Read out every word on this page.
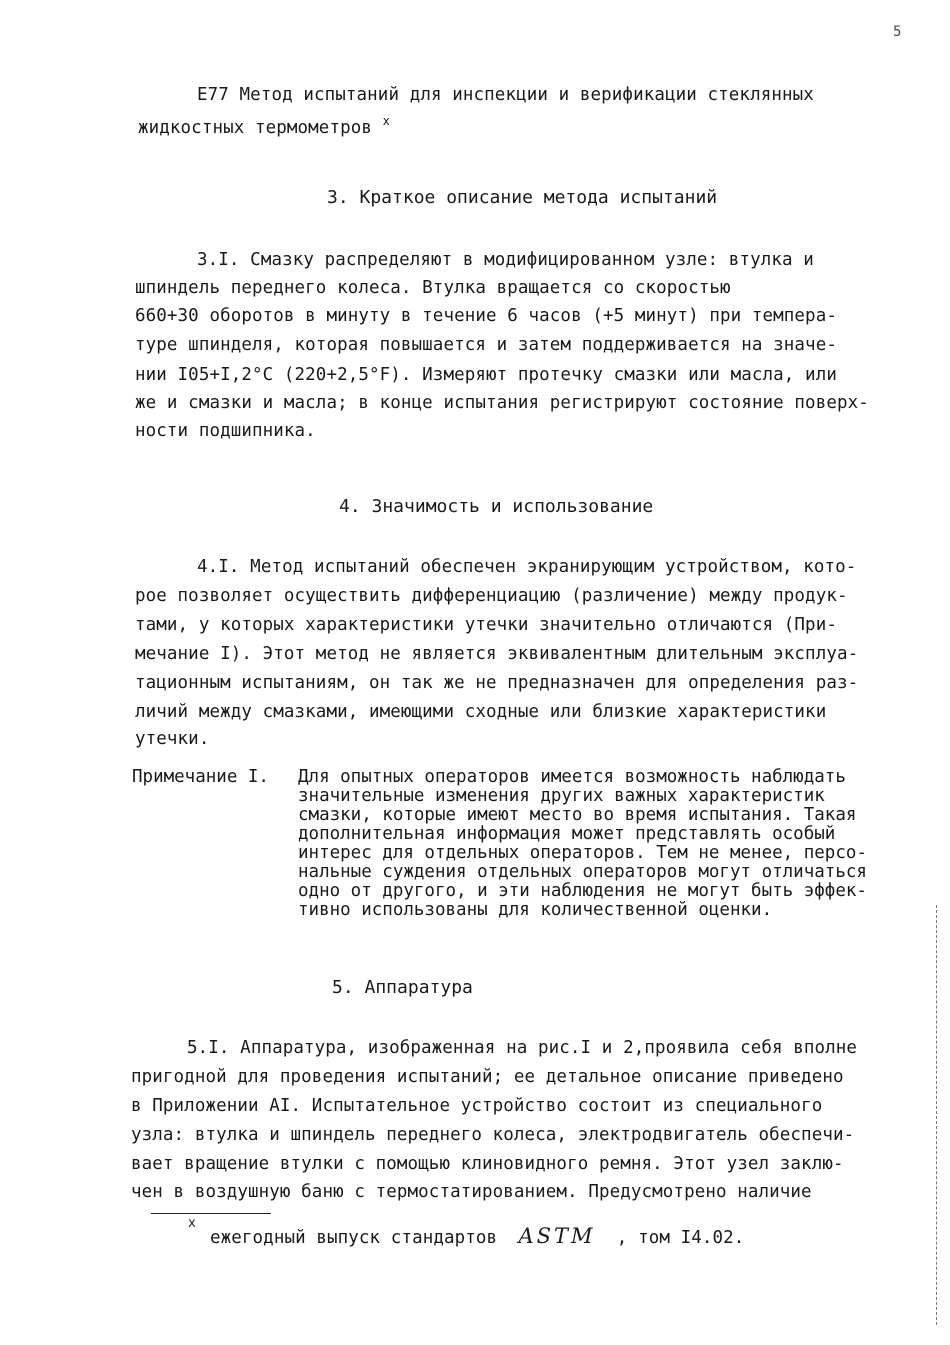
5
E77 Метод испытаний для инспекции и верификации стеклянных
жидкостных термометров $^x$
3. Краткое описание метода испытаний
3.I. Смазку распределяют в модифицированном узле: втулка и
шпиндель переднего колеса. Втулка вращается со скоростью
660+30 оборотов в минуту в течение 6 часов (+5 минут) при темпера-
туре шпинделя, которая повышается и затем поддерживается на значе-
нии I05+I,2°C (220+2,5°F). Измеряют протечку смазки или масла, или
же и смазки и масла; в конце испытания регистрируют состояние поверх-
ности подшипника.
4. Значимость и использование
4.I. Метод испытаний обеспечен экранирующим устройством, кото-
рое позволяет осуществить дифференциацию (различение) между продук-
тами, у которых характеристики утечки значительно отличаются (При-
мечание I). Этот метод не является эквивалентным длительным эксплуа-
тационным испытаниям, он так же не предназначен для определения раз-
личий между смазками, имеющими сходные или близкие характеристики
утечки.
Примечание I. Для опытных операторов имеется возможность наблюдать
значительные изменения других важных характеристик
смазки, которые имеют место во время испытания. Такая
дополнительная информация может представлять особый
интерес для отдельных операторов. Тем не менее, персо-
нальные суждения отдельных операторов могут отличаться
одно от другого, и эти наблюдения не могут быть эффек-
тивно использованы для количественной оценки.
5. Аппаратура
5.I. Аппаратура, изображенная на рис.I и 2,проявила себя вполне
пригодной для проведения испытаний; ее детальное описание приведено
в Приложении AI. Испытательное устройство состоит из специального
узла: втулка и шпиндель переднего колеса, электродвигатель обеспечи-
вает вращение втулки с помощью клиновидного ремня. Этот узел заклю-
чен в воздушную баню с термостатированием. Предусмотрено наличие
x
ежегодный выпуск стандартов ASTM , том I4.02.
